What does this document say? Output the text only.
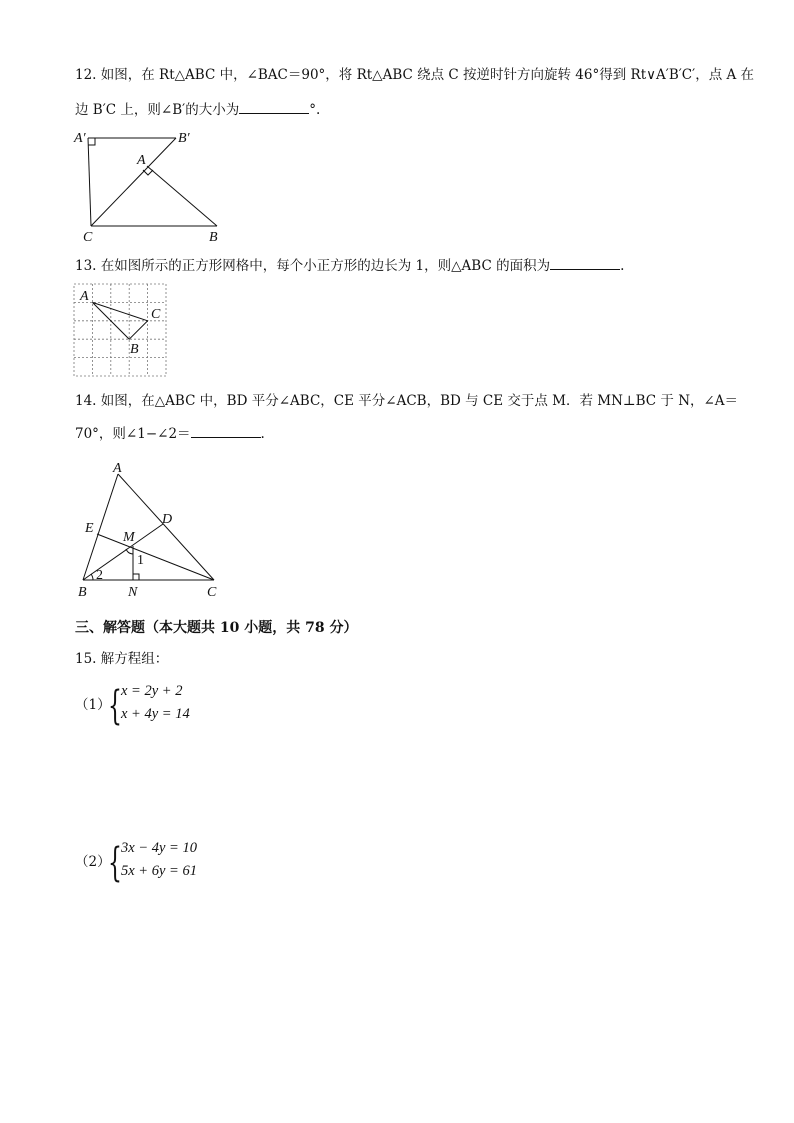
12. 如图，在 Rt△ABC 中，∠BAC＝90°，将 Rt△ABC 绕点 C 按逆时针方向旋转 46°得到 Rt∨A′B′C′，点 A 在
边 B′C 上，则∠B′的大小为	°.
A′	B′
A
C	B
13. 在如图所示的正方形网格中，每个小正方形的边长为 1，则△ABC 的面积为	.
A
C
B
14. 如图，在△ABC 中，BD 平分∠ABC，CE 平分∠ACB，BD 与 CE 交于点 M．若 MN⊥BC 于 N，∠A＝
70°，则∠1−∠2＝	.
A
D
E
M
1
2
B	N	C
三、解答题（本大题共 10 小题，共 78 分）
15. 解方程组：
（1）
{ x = 2y + 2
x + 4y = 14
（2）
{ 3x − 4y = 10
5x + 6y = 61
